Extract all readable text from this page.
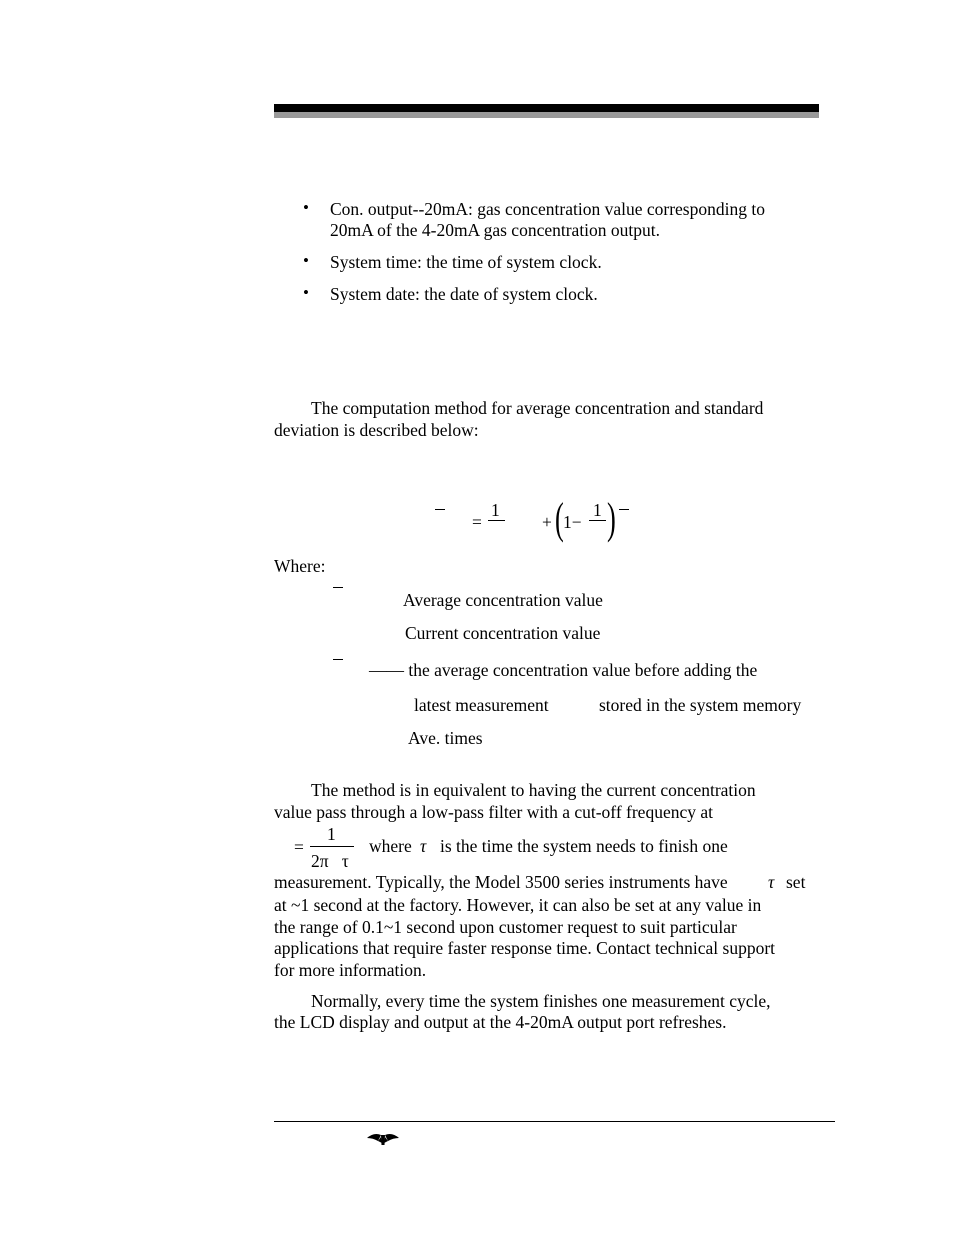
• Con. output--20mA: gas concentration value corresponding to
20mA of the 4-20mA gas concentration output.
• System time: the time of system clock.
• System date: the date of system clock.
The computation method for average concentration and standard
deviation is described below:
=
1
+ ( 1−
1 )
Where:
Average concentration value
Current concentration value
—— the average concentration value before adding the
latest measurement	stored in the system memory
Ave. times
The method is in equivalent to having the current concentration
value pass through a low-pass filter with a cut-off frequency at
=
1
2π   τ
where τ is the time the system needs to finish one
measurement. Typically, the Model 3500 series instruments have τ set
at ~1 second at the factory. However, it can also be set at any value in
the range of 0.1~1 second upon customer request to suit particular
applications that require faster response time. Contact technical support
for more information.
Normally, every time the system finishes one measurement cycle,
the LCD display and output at the 4-20mA output port refreshes.
